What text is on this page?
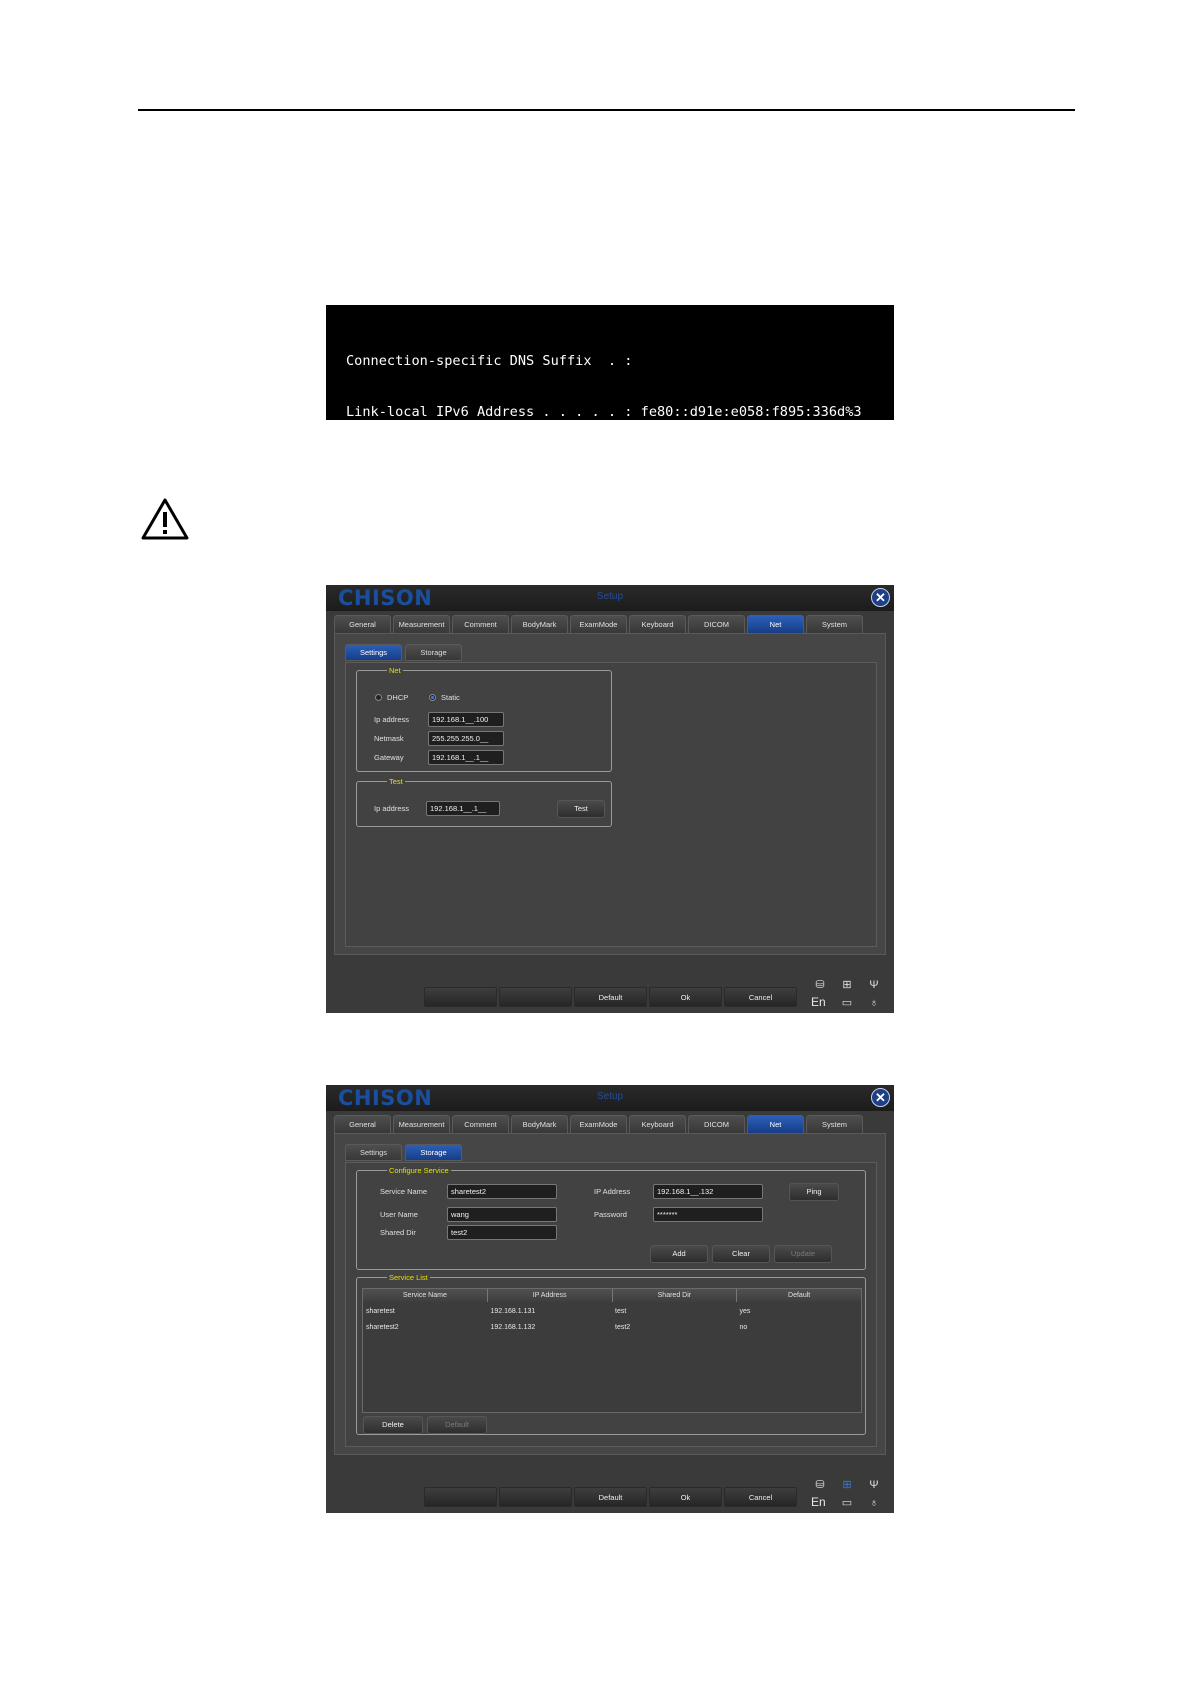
Connection-specific DNS Suffix  . :

Link-local IPv6 Address . . . . . : fe80::d91e:e058:f895:336d%3

IPv4 Address. . . . . . . . . . . : 192.168.1.131

Subnet Mask . . . . . . . . . . . : 255.255.255.0

Default Gateway . . . . . . . . . : 192.168.1.1

CHISON	Setup	✕
General	Measurement	Comment	BodyMark	ExamMode	Keyboard	DICOM	Net	System
Settings	Storage
Net
DHCP	Static
Ip address	192.168.1__.100
Netmask	255.255.255.0__
Gateway	192.168.1__.1__
Test
Ip address	192.168.1__.1__	Test
Default	Ok	Cancel
⛁ ⊞ Ψ
En ▭ ♁
CHISON	Setup	✕
General	Measurement	Comment	BodyMark	ExamMode	Keyboard	DICOM	Net	System
Settings	Storage
Configure Service
Service Name	sharetest2	IP Address	192.168.1__.132	Ping
User Name	wang	Password	*******
Shared Dir	test2
Add	Clear	Update
Service List
Service Name	IP Address	Shared Dir	Default
sharetest	192.168.1.131	test	yes
sharetest2	192.168.1.132	test2	no
Delete	Default
Default	Ok	Cancel
⛁ ⊞ Ψ
En ▭ ♁
